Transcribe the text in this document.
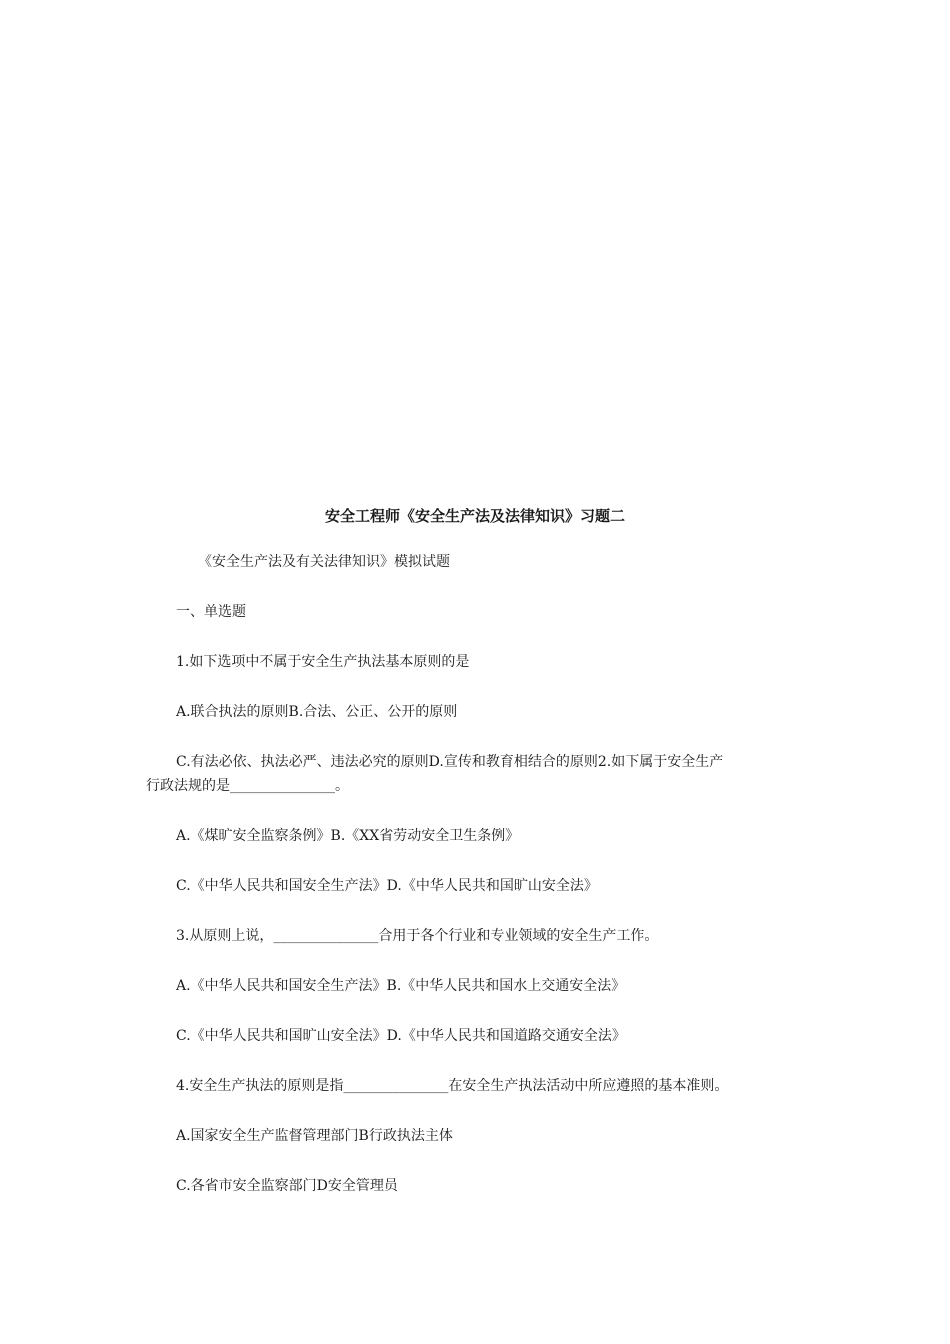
安全工程师《安全生产法及法律知识》习题二
《安全生产法及有关法律知识》模拟试题
一、单选题
1.如下选项中不属于安全生产执法基本原则的是
A.联合执法的原则B.合法、公正、公开的原则
C.有法必依、执法必严、违法必究的原则D.宣传和教育相结合的原则2.如下属于安全生产
行政法规的是_______________。
A.《煤旷安全监察条例》B.《XX省劳动安全卫生条例》
C.《中华人民共和国安全生产法》D.《中华人民共和国旷山安全法》
3.从原则上说，_______________合用于各个行业和专业领域的安全生产工作。
A.《中华人民共和国安全生产法》B.《中华人民共和国水上交通安全法》
C.《中华人民共和国旷山安全法》D.《中华人民共和国道路交通安全法》
4.安全生产执法的原则是指_______________在安全生产执法活动中所应遵照的基本准则。
A.国家安全生产监督管理部门B行政执法主体
C.各省市安全监察部门D安全管理员
